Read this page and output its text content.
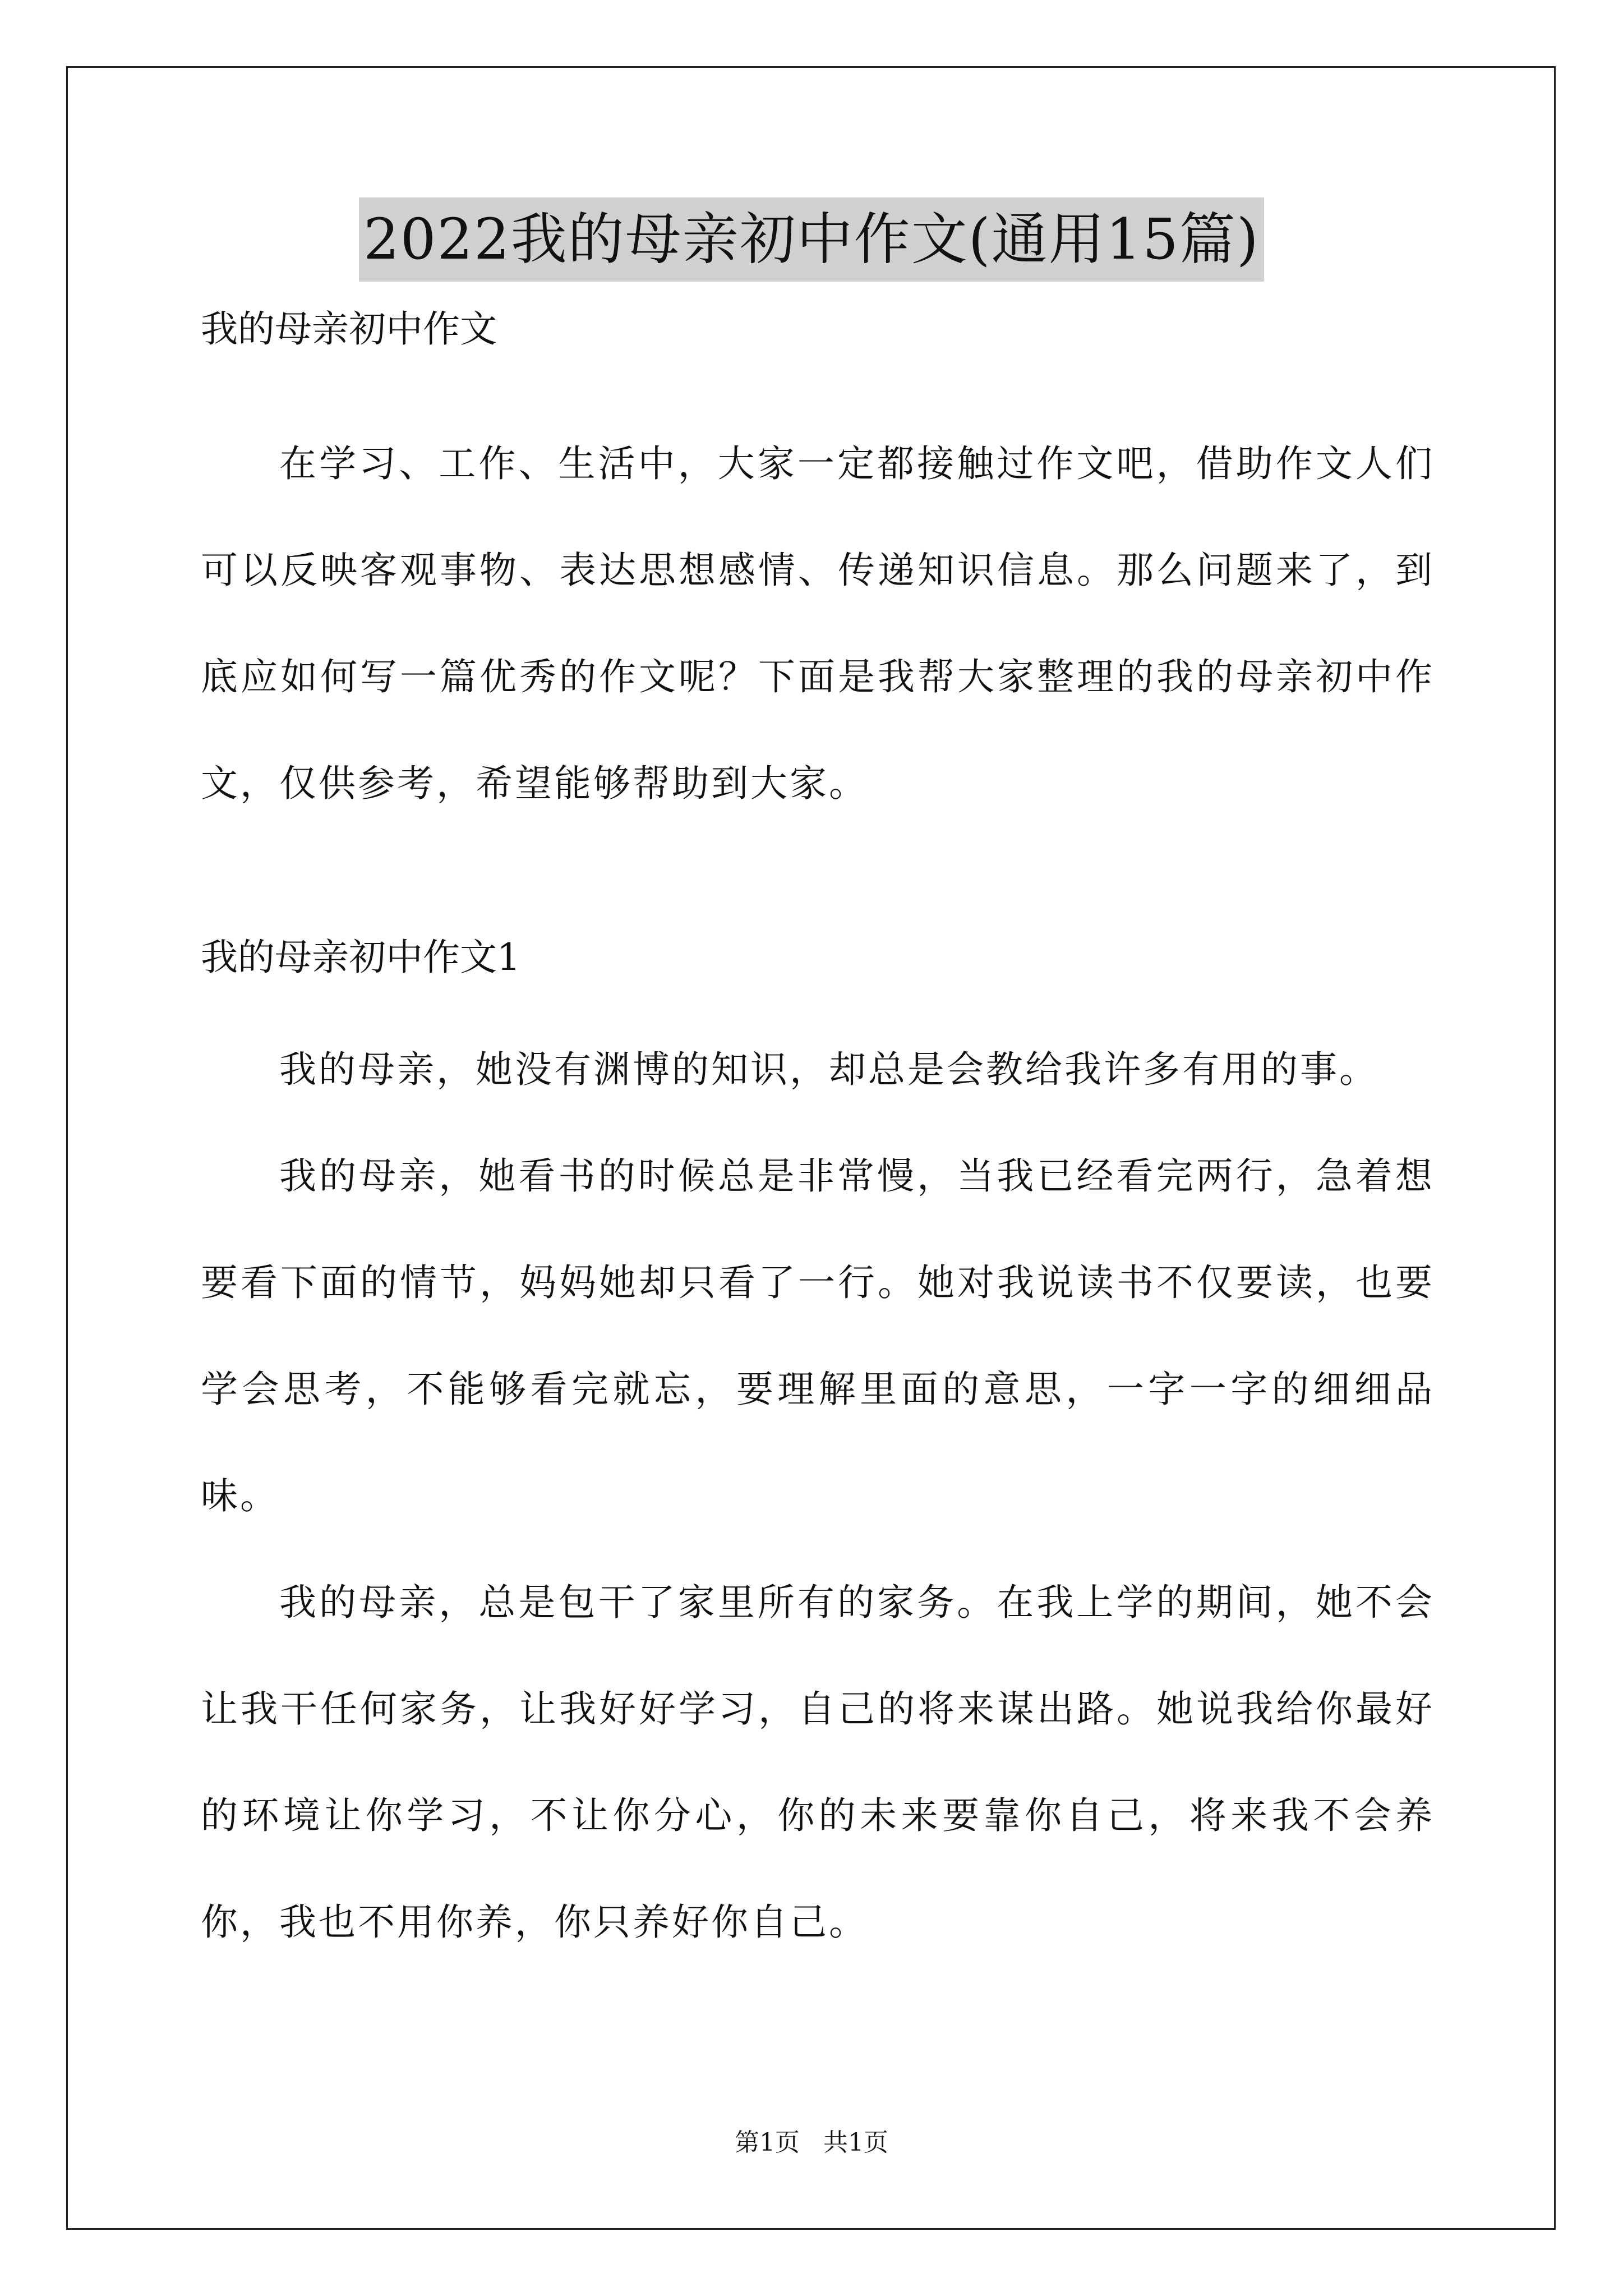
2022我的母亲初中作文(通用15篇)

我的母亲初中作文

在学习、工作、生活中，大家一定都接触过作文吧，借助作文人们可以反映客观事物、表达思想感情、传递知识信息。那么问题来了，到底应如何写一篇优秀的作文呢？下面是我帮大家整理的我的母亲初中作文，仅供参考，希望能够帮助到大家。

我的母亲初中作文1

我的母亲，她没有渊博的知识，却总是会教给我许多有用的事。

我的母亲，她看书的时候总是非常慢，当我已经看完两行，急着想要看下面的情节，妈妈她却只看了一行。她对我说读书不仅要读，也要学会思考，不能够看完就忘，要理解里面的意思，一字一字的细细品味。

我的母亲，总是包干了家里所有的家务。在我上学的期间，她不会让我干任何家务，让我好好学习，自己的将来谋出路。她说我给你最好的环境让你学习，不让你分心，你的未来要靠你自己，将来我不会养你，我也不用你养，你只养好你自己。

第1页   共1页
